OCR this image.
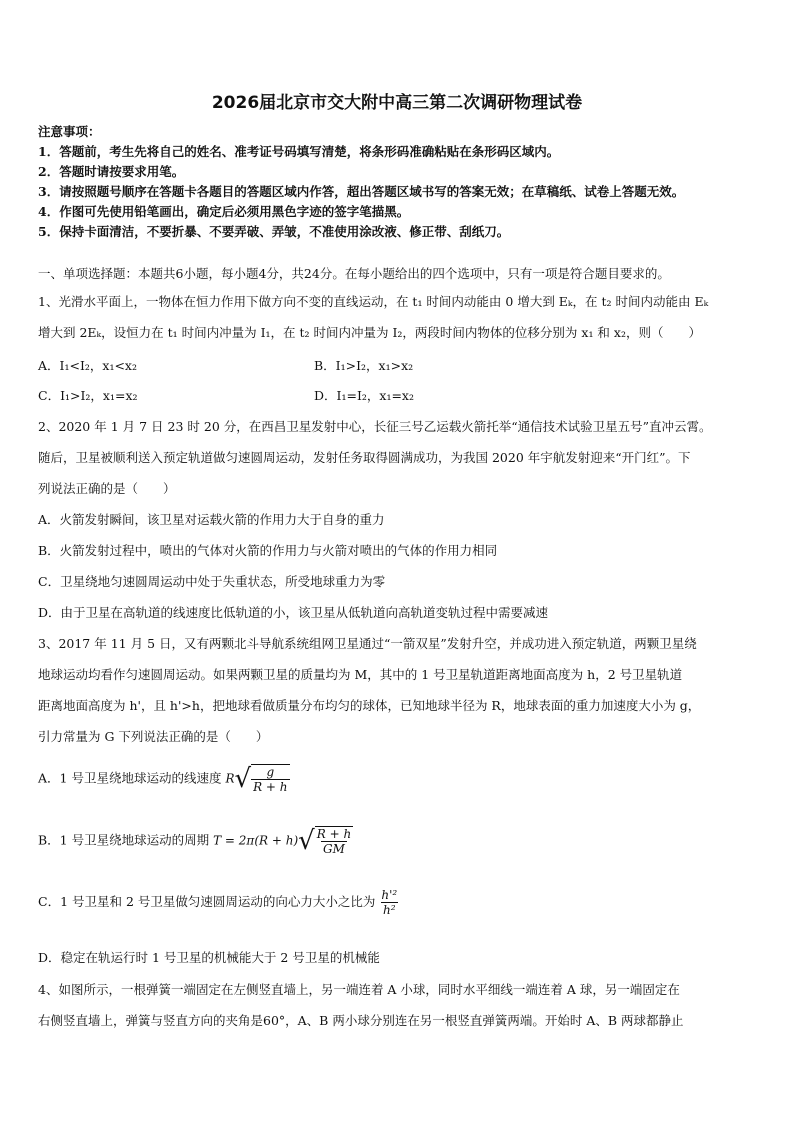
2026届北京市交大附中高三第二次调研物理试卷
注意事项：
1．答题前，考生先将自己的姓名、准考证号码填写清楚，将条形码准确粘贴在条形码区域内。
2．答题时请按要求用笔。
3．请按照题号顺序在答题卡各题目的答题区域内作答，超出答题区域书写的答案无效；在草稿纸、试卷上答题无效。
4．作图可先使用铅笔画出，确定后必须用黑色字迹的签字笔描黑。
5．保持卡面清洁，不要折暴、不要弄破、弄皱，不准使用涂改液、修正带、刮纸刀。
一、单项选择题：本题共6小题，每小题4分，共24分。在每小题给出的四个选项中，只有一项是符合题目要求的。
1、光滑水平面上，一物体在恒力作用下做方向不变的直线运动，在 t₁ 时间内动能由 0 增大到 Eₖ，在 t₂ 时间内动能由 Eₖ
增大到 2Eₖ，设恒力在 t₁ 时间内冲量为 I₁，在 t₂ 时间内冲量为 I₂，两段时间内物体的位移分别为 x₁ 和 x₂，则（　　）
A．I₁<I₂，x₁<x₂	B．I₁>I₂，x₁>x₂
C．I₁>I₂，x₁=x₂	D．I₁=I₂，x₁=x₂
2、2020 年 1 月 7 日 23 时 20 分，在西昌卫星发射中心，长征三号乙运载火箭托举“通信技术试验卫星五号”直冲云霄。
随后，卫星被顺利送入预定轨道做匀速圆周运动，发射任务取得圆满成功，为我国 2020 年宇航发射迎来“开门红”。下
列说法正确的是（　　）
A．火箭发射瞬间，该卫星对运载火箭的作用力大于自身的重力
B．火箭发射过程中，喷出的气体对火箭的作用力与火箭对喷出的气体的作用力相同
C．卫星绕地匀速圆周运动中处于失重状态，所受地球重力为零
D．由于卫星在高轨道的线速度比低轨道的小，该卫星从低轨道向高轨道变轨过程中需要减速
3、2017 年 11 月 5 日，又有两颗北斗导航系统组网卫星通过“一箭双星”发射升空，并成功进入预定轨道，两颗卫星绕
地球运动均看作匀速圆周运动。如果两颗卫星的质量均为 M，其中的 1 号卫星轨道距离地面高度为 h，2 号卫星轨道
距离地面高度为 h'，且 h'>h，把地球看做质量分布均匀的球体，已知地球半径为 R，地球表面的重力加速度大小为 g，
引力常量为 G 下列说法正确的是（　　）
A．1 号卫星绕地球运动的线速度 R √ $\frac{g}{R + h}$
B．1 号卫星绕地球运动的周期 T = 2π(R + h) √ $\frac{R + h}{GM}$
C．1 号卫星和 2 号卫星做匀速圆周运动的向心力大小之比为 $\frac{\text{h'²}}{\text{h²}}$
D．稳定在轨运行时 1 号卫星的机械能大于 2 号卫星的机械能
4、如图所示，一根弹簧一端固定在左侧竖直墙上，另一端连着 A 小球，同时水平细线一端连着 A 球，另一端固定在
右侧竖直墙上，弹簧与竖直方向的夹角是60°，A、B 两小球分别连在另一根竖直弹簧两端。开始时 A、B 两球都静止
